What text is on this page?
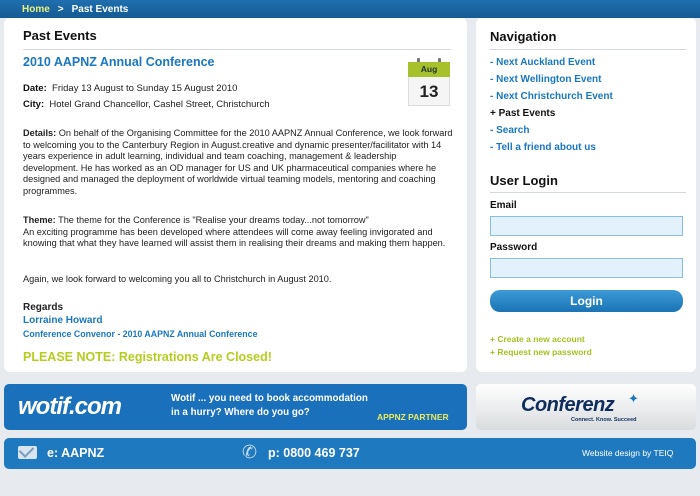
Home > Past Events
Past Events
2010 AAPNZ Annual Conference
Date: Friday 13 August to Sunday 15 August 2010
City: Hotel Grand Chancellor, Cashel Street, Christchurch
Aug
13
Details: On behalf of the Organising Committee for the 2010 AAPNZ Annual Conference, we look forward to welcoming you to the Canterbury Region in August.creative and dynamic presenter/facilitator with 14 years experience in adult learning, individual and team coaching, management & leadership development. He has worked as an OD manager for US and UK pharmaceutical companies where he designed and managed the deployment of worldwide virtual teaming models, mentoring and coaching programmes.
Theme: The theme for the Conference is "Realise your dreams today...not tomorrow"
An exciting programme has been developed where attendees will come away feeling invigorated and knowing that what they have learned will assist them in realising their dreams and making them happen.
Again, we look forward to welcoming you all to Christchurch in August 2010.
Regards
Lorraine Howard
Conference Convenor - 2010 AAPNZ Annual Conference
PLEASE NOTE: Registrations Are Closed!
Navigation
- Next Auckland Event
- Next Wellington Event
- Next Christchurch Event
+ Past Events
- Search
- Tell a friend about us
User Login
Email
Password
Login
+ Create a new account
+ Request new password
wotif.com	Wotif ... you need to book accommodation in a hurry? Where do you go?	APPNZ PARTNER
Conferenz ✦
Connect. Know. Succeed
e: AAPNZ	✆ p: 0800 469 737	Website design by TEIQ
